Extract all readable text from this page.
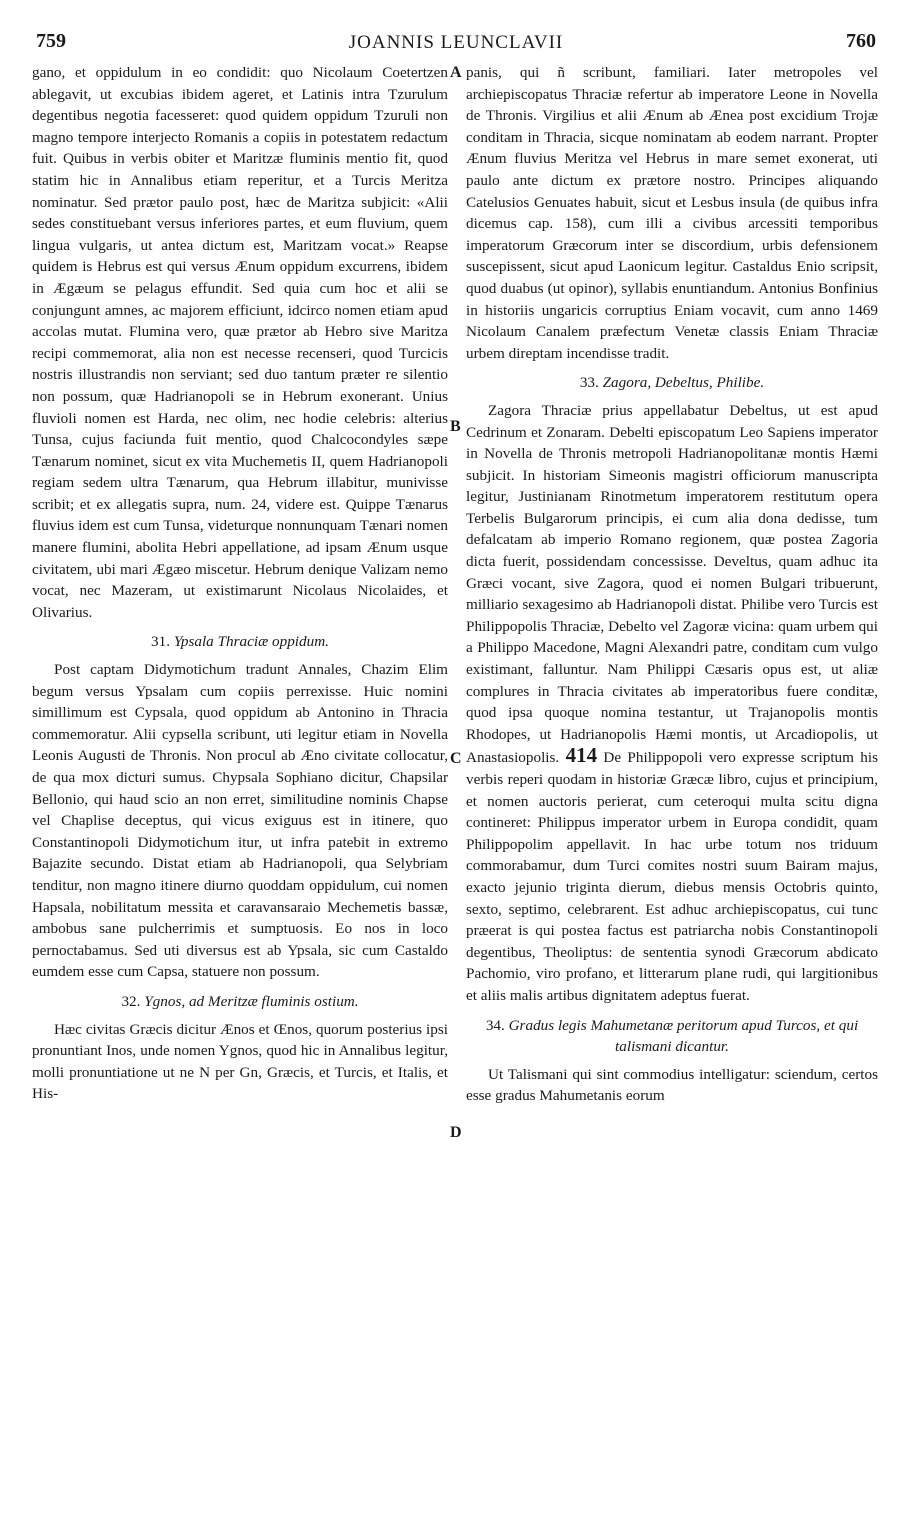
759	JOANNIS LEUNCLAVII	760
A
B
C
D

gano, et oppidulum in eo condidit: quo Nicolaum Coetertzen ablegavit, ut excubias ibidem ageret, et Latinis intra Tzurulum degentibus negotia facesseret: quod quidem oppidum Tzuruli non magno tempore interjecto Romanis a copiis in potestatem redactum fuit. Quibus in verbis obiter et Maritzæ fluminis mentio fit, quod statim hic in Annalibus etiam reperitur, et a Turcis Meritza nominatur. Sed prætor paulo post, hæc de Maritza subjicit: «Alii sedes constituebant versus inferiores partes, et eum fluvium, quem lingua vulgaris, ut antea dictum est, Maritzam vocat.» Reapse quidem is Hebrus est qui versus Ænum oppidum excurrens, ibidem in Ægæum se pelagus effundit. Sed quia cum hoc et alii se conjungunt amnes, ac majorem efficiunt, idcirco nomen etiam apud accolas mutat. Flumina vero, quæ prætor ab Hebro sive Maritza recipi commemorat, alia non est necesse recenseri, quod Turcicis nostris illustrandis non serviant; sed duo tantum præter re silentio non possum, quæ Hadrianopoli se in Hebrum exonerant. Unius fluvioli nomen est Harda, nec olim, nec hodie celebris: alterius Tunsa, cujus faciunda fuit mentio, quod Chalcocondyles sæpe Tænarum nominet, sicut ex vita Muchemetis II, quem Hadrianopoli regiam sedem ultra Tænarum, qua Hebrum illabitur, munivisse scribit; et ex allegatis supra, num. 24, videre est. Quippe Tænarus fluvius idem est cum Tunsa, videturque nonnunquam Tænari nomen manere flumini, abolita Hebri appellatione, ad ipsam Ænum usque civitatem, ubi mari Ægæo miscetur. Hebrum denique Valizam nemo vocat, nec Mazeram, ut existimarunt Nicolaus Nicolaides, et Olivarius.

31. Ypsala Thraciæ oppidum.

Post captam Didymotichum tradunt Annales, Chazim Elim begum versus Ypsalam cum copiis perrexisse. Huic nomini simillimum est Cypsala, quod oppidum ab Antonino in Thracia commemoratur. Alii cypsella scribunt, uti legitur etiam in Novella Leonis Augusti de Thronis. Non procul ab Æno civitate collocatur, de qua mox dicturi sumus. Chypsala Sophiano dicitur, Chapsilar Bellonio, qui haud scio an non erret, similitudine nominis Chapse vel Chaplise deceptus, qui vicus exiguus est in itinere, quo Constantinopoli Didymotichum itur, ut infra patebit in extremo Bajazite secundo. Distat etiam ab Hadrianopoli, qua Selybriam tenditur, non magno itinere diurno quoddam oppidulum, cui nomen Hapsala, nobilitatum messita et caravansaraio Mechemetis bassæ, ambobus sane pulcherrimis et sumptuosis. Eo nos in loco pernoctabamus. Sed uti diversus est ab Ypsala, sic cum Castaldo eumdem esse cum Capsa, statuere non possum.

32. Ygnos, ad Meritzæ fluminis ostium.

Hæc civitas Græcis dicitur Ænos et Œnos, quorum posterius ipsi pronuntiant Inos, unde nomen Ygnos, quod hic in Annalibus legitur, molli pronuntiatione ut ne N per Gn, Græcis, et Turcis, et Italis, et His-

panis, qui ñ scribunt, familiari. Iater metropoles vel archiepiscopatus Thraciæ refertur ab imperatore Leone in Novella de Thronis. Virgilius et alii Ænum ab Ænea post excidium Trojæ conditam in Thracia, sicque nominatam ab eodem narrant. Propter Ænum fluvius Meritza vel Hebrus in mare semet exonerat, uti paulo ante dictum ex prætore nostro. Principes aliquando Catelusios Genuates habuit, sicut et Lesbus insula (de quibus infra dicemus cap. 158), cum illi a civibus arcessiti temporibus imperatorum Græcorum inter se discordium, urbis defensionem suscepissent, sicut apud Laonicum legitur. Castaldus Enio scripsit, quod duabus (ut opinor), syllabis enuntiandum. Antonius Bonfinius in historiis ungaricis corruptius Eniam vocavit, cum anno 1469 Nicolaum Canalem præfectum Venetæ classis Eniam Thraciæ urbem direptam incendisse tradit.

33. Zagora, Debeltus, Philibe.

Zagora Thraciæ prius appellabatur Debeltus, ut est apud Cedrinum et Zonaram. Debelti episcopatum Leo Sapiens imperator in Novella de Thronis metropoli Hadrianopolitanæ montis Hæmi subjicit. In historiam Simeonis magistri officiorum manuscripta legitur, Justinianam Rinotmetum imperatorem restitutum opera Terbelis Bulgarorum principis, ei cum alia dona dedisse, tum defalcatam ab imperio Romano regionem, quæ postea Zagoria dicta fuerit, possidendam concessisse. Develtus, quam adhuc ita Græci vocant, sive Zagora, quod ei nomen Bulgari tribuerunt, milliario sexagesimo ab Hadrianopoli distat. Philibe vero Turcis est Philippopolis Thraciæ, Debelto vel Zagoræ vicina: quam urbem qui a Philippo Macedone, Magni Alexandri patre, conditam cum vulgo existimant, falluntur. Nam Philippi Cæsaris opus est, ut aliæ complures in Thracia civitates ab imperatoribus fuere conditæ, quod ipsa quoque nomina testantur, ut Trajanopolis montis Rhodopes, ut Hadrianopolis Hæmi montis, ut Arcadiopolis, ut Anastasiopolis. 414 De Philippopoli vero expresse scriptum his verbis reperi quodam in historiæ Græcæ libro, cujus et principium, et nomen auctoris perierat, cum ceteroqui multa scitu digna contineret: Philippus imperator urbem in Europa condidit, quam Philippopolim appellavit. In hac urbe totum nos triduum commorabamur, dum Turci comites nostri suum Bairam majus, exacto jejunio triginta dierum, diebus mensis Octobris quinto, sexto, septimo, celebrarent. Est adhuc archiepiscopatus, cui tunc præerat is qui postea factus est patriarcha nobis Constantinopoli degentibus, Theoliptus: de sententia synodi Græcorum abdicato Pachomio, viro profano, et litterarum plane rudi, qui largitionibus et aliis malis artibus dignitatem adeptus fuerat.

34. Gradus legis Mahumetanæ peritorum apud Turcos, et qui talismani dicantur.

Ut Talismani qui sint commodius intelligatur: sciendum, certos esse gradus Mahumetanis eorum
